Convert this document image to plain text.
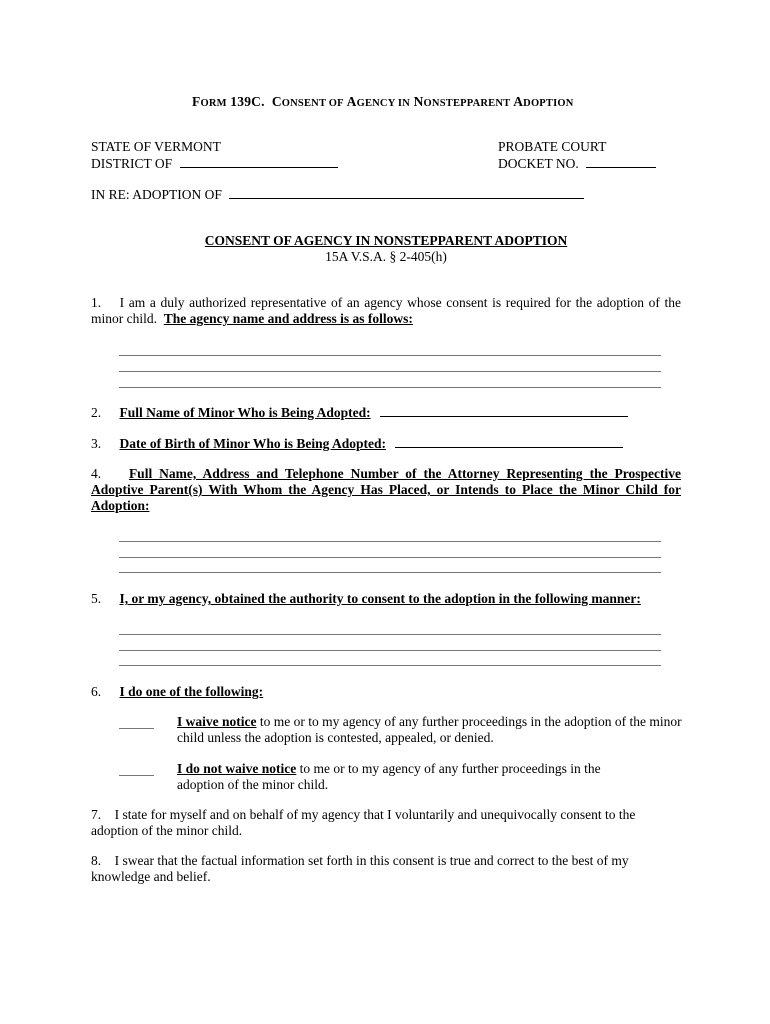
FORM 139C. CONSENT OF AGENCY IN NONSTEPPARENT ADOPTION
STATE OF VERMONT
DISTRICT OF
PROBATE COURT
DOCKET NO.
IN RE: ADOPTION OF
CONSENT OF AGENCY IN NONSTEPPARENT ADOPTION
15A V.S.A. § 2-405(h)
1. I am a duly authorized representative of an agency whose consent is required for the adoption of the minor child. The agency name and address is as follows:
2. Full Name of Minor Who is Being Adopted:
3. Date of Birth of Minor Who is Being Adopted:
4. Full Name, Address and Telephone Number of the Attorney Representing the Prospective Adoptive Parent(s) With Whom the Agency Has Placed, or Intends to Place the Minor Child for Adoption:
5. I, or my agency, obtained the authority to consent to the adoption in the following manner:
6. I do one of the following:
I waive notice to me or to my agency of any further proceedings in the adoption of the minor child unless the adoption is contested, appealed, or denied.
I do not waive notice to me or to my agency of any further proceedings in the adoption of the minor child.
7. I state for myself and on behalf of my agency that I voluntarily and unequivocally consent to the adoption of the minor child.
8. I swear that the factual information set forth in this consent is true and correct to the best of my knowledge and belief.
